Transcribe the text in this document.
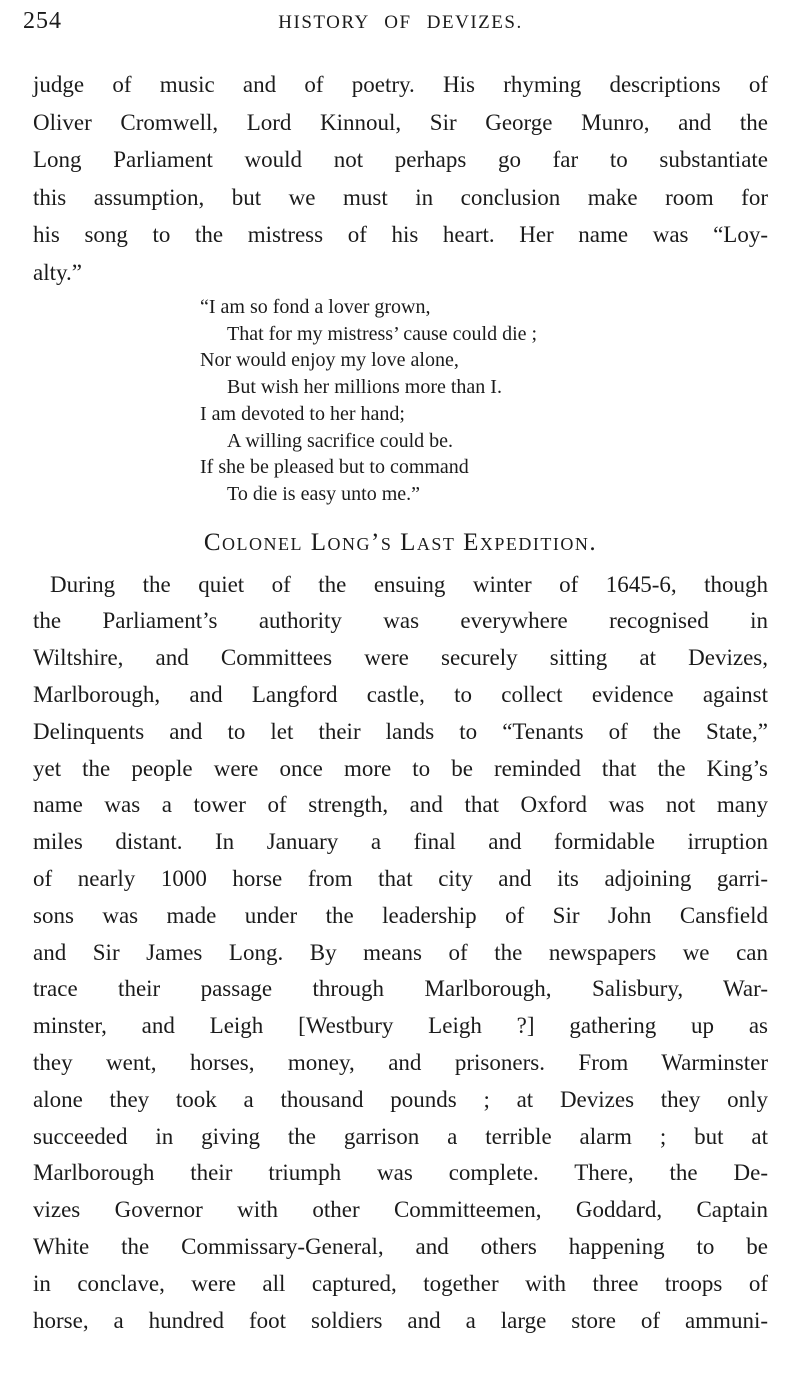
254	HISTORY OF DEVIZES.
judge of music and of poetry. His rhyming descriptions of
Oliver Cromwell, Lord Kinnoul, Sir George Munro, and the
Long Parliament would not perhaps go far to substantiate
this assumption, but we must in conclusion make room for
his song to the mistress of his heart. Her name was “Loy-
alty.”
“I am so fond a lover grown,
That for my mistress’ cause could die ;
Nor would enjoy my love alone,
But wish her millions more than I.
I am devoted to her hand;
A willing sacrifice could be.
If she be pleased but to command
To die is easy unto me.”
Colonel Long’s Last Expedition.
During the quiet of the ensuing winter of 1645-6, though
the Parliament’s authority was everywhere recognised in
Wiltshire, and Committees were securely sitting at Devizes,
Marlborough, and Langford castle, to collect evidence against
Delinquents and to let their lands to “Tenants of the State,”
yet the people were once more to be reminded that the King’s
name was a tower of strength, and that Oxford was not many
miles distant. In January a final and formidable irruption
of nearly 1000 horse from that city and its adjoining garri-
sons was made under the leadership of Sir John Cansfield
and Sir James Long. By means of the newspapers we can
trace their passage through Marlborough, Salisbury, War-
minster, and Leigh [Westbury Leigh ?] gathering up as
they went, horses, money, and prisoners. From Warminster
alone they took a thousand pounds ; at Devizes they only
succeeded in giving the garrison a terrible alarm ; but at
Marlborough their triumph was complete. There, the De-
vizes Governor with other Committeemen, Goddard, Captain
White the Commissary-General, and others happening to be
in conclave, were all captured, together with three troops of
horse, a hundred foot soldiers and a large store of ammuni-
